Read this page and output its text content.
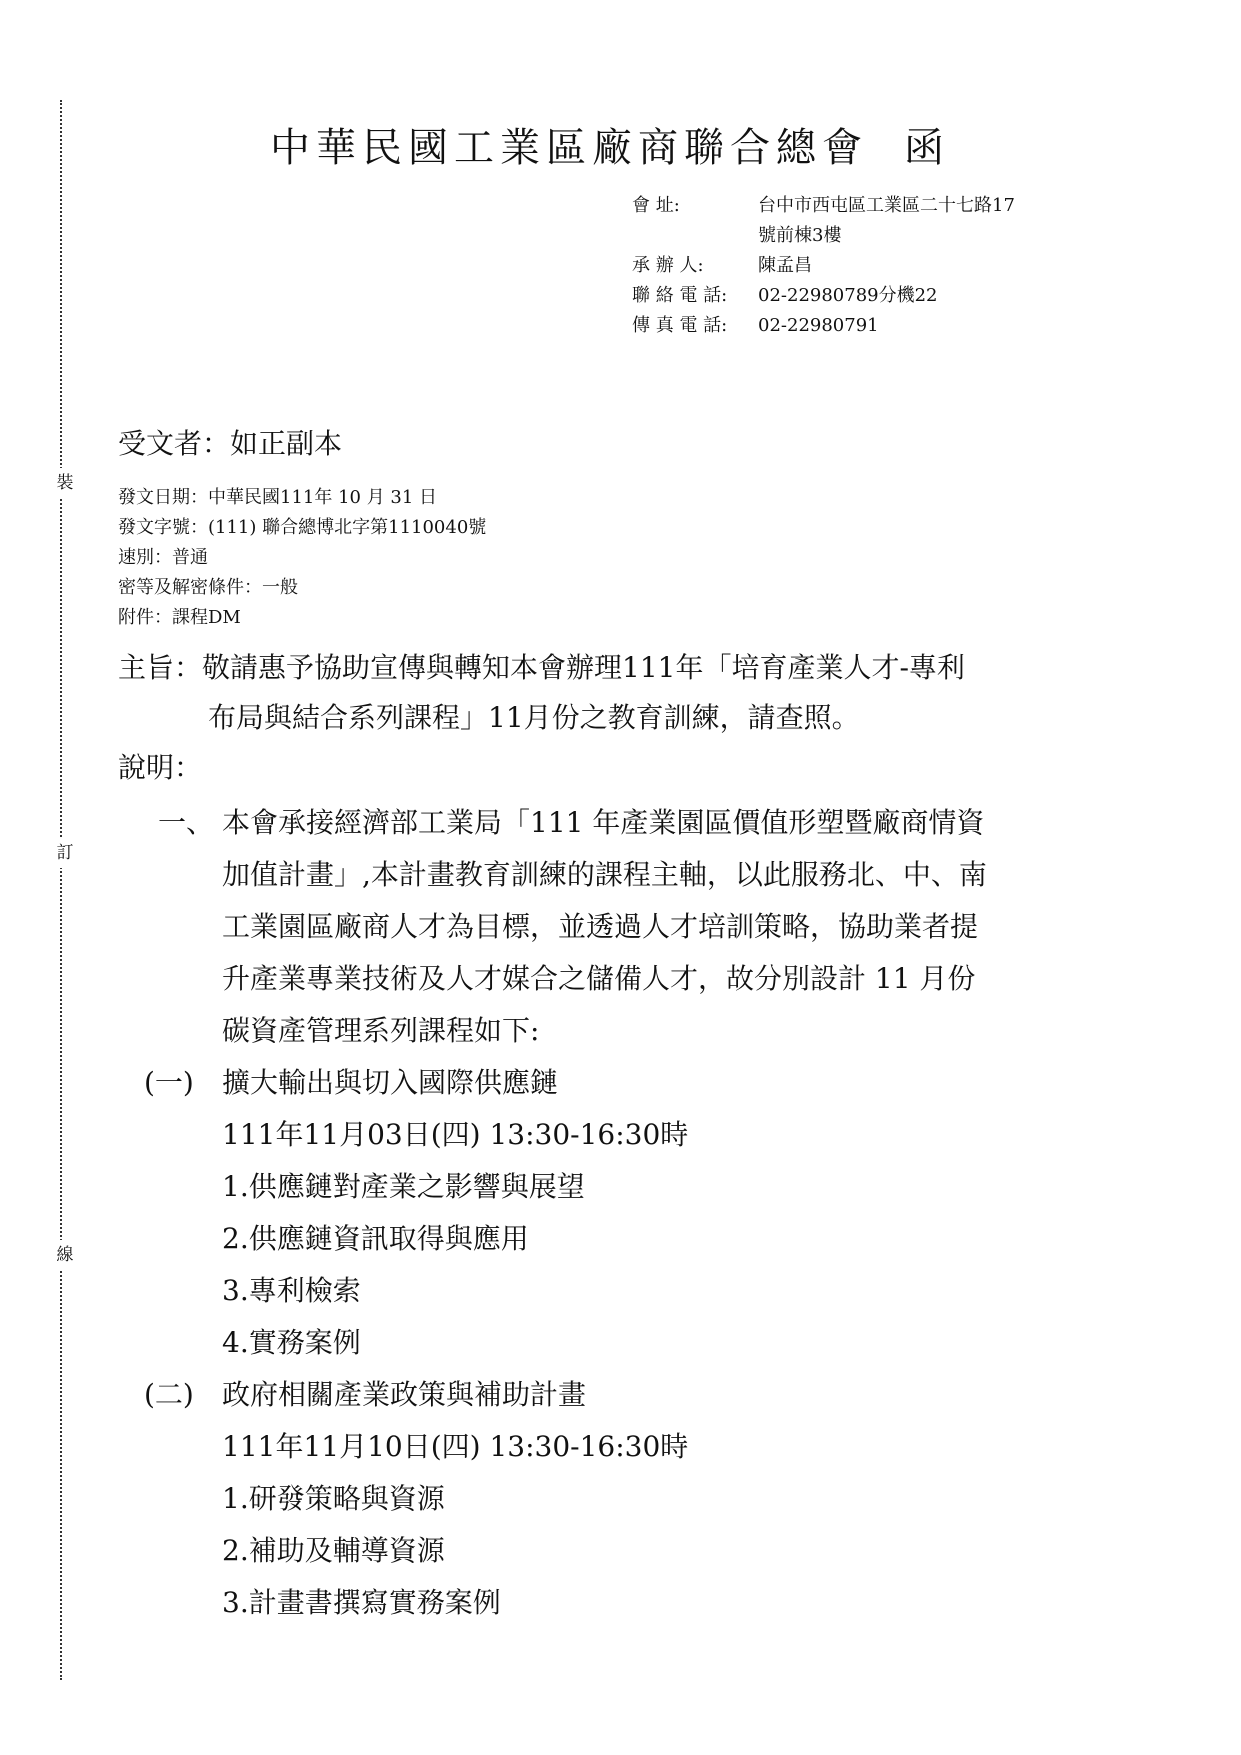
裝
訂
線
中華民國工業區廠商聯合總會 函
會 址:	台中市西屯區工業區二十七路17
號前棟3樓
承 辦 人:	陳孟昌
聯 絡 電 話: 02-22980789分機22
傳 真 電 話: 02-22980791
受文者：如正副本
發文日期：中華民國111年 10 月 31 日
發文字號：(111) 聯合總博北字第1110040號
速別：普通
密等及解密條件：一般
附件：課程DM
主旨：敬請惠予協助宣傳與轉知本會辦理111年「培育產業人才-專利
布局與結合系列課程」11月份之教育訓練，請查照。
說明：
一、 本會承接經濟部工業局「111 年產業園區價值形塑暨廠商情資
加值計畫」,本計畫教育訓練的課程主軸，以此服務北、中、南
工業園區廠商人才為目標，並透過人才培訓策略，協助業者提
升產業專業技術及人才媒合之儲備人才，故分別設計 11 月份
碳資產管理系列課程如下:
(一) 擴大輸出與切入國際供應鏈
111年11月03日(四) 13:30-16:30時
1.供應鏈對產業之影響與展望
2.供應鏈資訊取得與應用
3.專利檢索
4.實務案例
(二) 政府相關產業政策與補助計畫
111年11月10日(四) 13:30-16:30時
1.研發策略與資源
2.補助及輔導資源
3.計畫書撰寫實務案例
